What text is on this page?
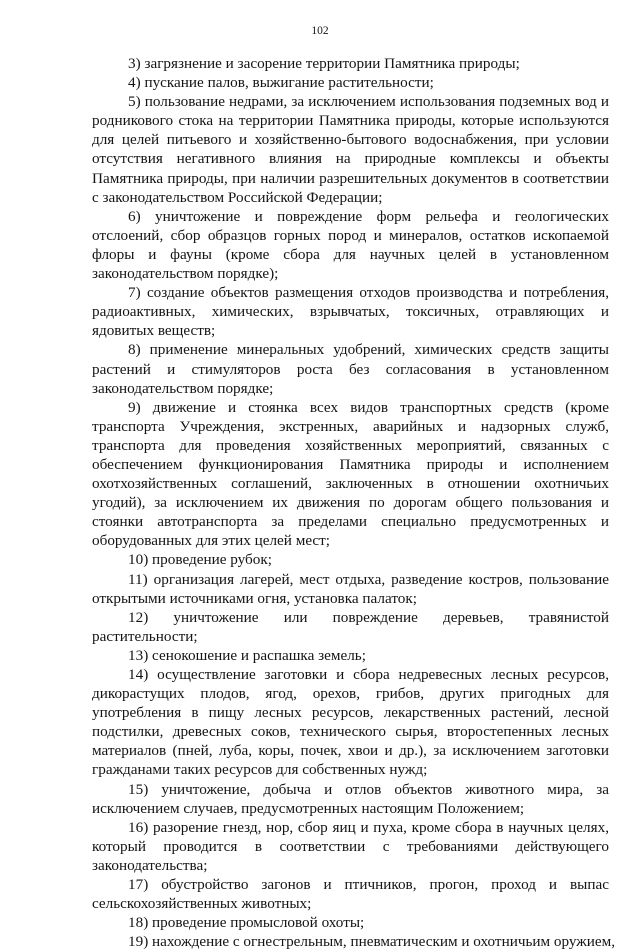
102

3) загрязнение и засорение территории Памятника природы;

4) пускание палов, выжигание растительности;

5) пользование недрами, за исключением использования подземных вод и родникового стока на территории Памятника природы, которые используются для целей питьевого и хозяйственно-бытового водоснабжения, при условии отсутствия негативного влияния на природные комплексы и объекты Памятника природы, при наличии разрешительных документов в соответствии с законодательством Российской Федерации;

6) уничтожение и повреждение форм рельефа и геологических отслоений, сбор образцов горных пород и минералов, остатков ископаемой флоры и фауны (кроме сбора для научных целей в установленном законодательством порядке);

7) создание объектов размещения отходов производства и потребления, радиоактивных, химических, взрывчатых, токсичных, отравляющих и ядовитых веществ;

8) применение минеральных удобрений, химических средств защиты растений и стимуляторов роста без согласования в установленном законодательством порядке;

9) движение и стоянка всех видов транспортных средств (кроме транспорта Учреждения, экстренных, аварийных и надзорных служб, транспорта для проведения хозяйственных мероприятий, связанных с обеспечением функционирования Памятника природы и исполнением охотхозяйственных соглашений, заключенных в отношении охотничьих угодий), за исключением их движения по дорогам общего пользования и стоянки автотранспорта за пределами специально предусмотренных и оборудованных для этих целей мест;

10) проведение рубок;

11) организация лагерей, мест отдыха, разведение костров, пользование открытыми источниками огня, установка палаток;

12) уничтожение или повреждение деревьев, травянистой растительности;

13) сенокошение и распашка земель;

14) осуществление заготовки и сбора недревесных лесных ресурсов, дикорастущих плодов, ягод, орехов, грибов, других пригодных для употребления в пищу лесных ресурсов, лекарственных растений, лесной подстилки, древесных соков, технического сырья, второстепенных лесных материалов (пней, луба, коры, почек, хвои и др.), за исключением заготовки гражданами таких ресурсов для собственных нужд;

15) уничтожение, добыча и отлов объектов животного мира, за исключением случаев, предусмотренных настоящим Положением;

16) разорение гнезд, нор, сбор яиц и пуха, кроме сбора в научных целях, который проводится в соответствии с требованиями действующего законодательства;

17) обустройство загонов и птичников, прогон, проход и выпас сельскохозяйственных животных;

18) проведение промысловой охоты;

19) нахождение с огнестрельным, пневматическим и охотничьим оружием,
